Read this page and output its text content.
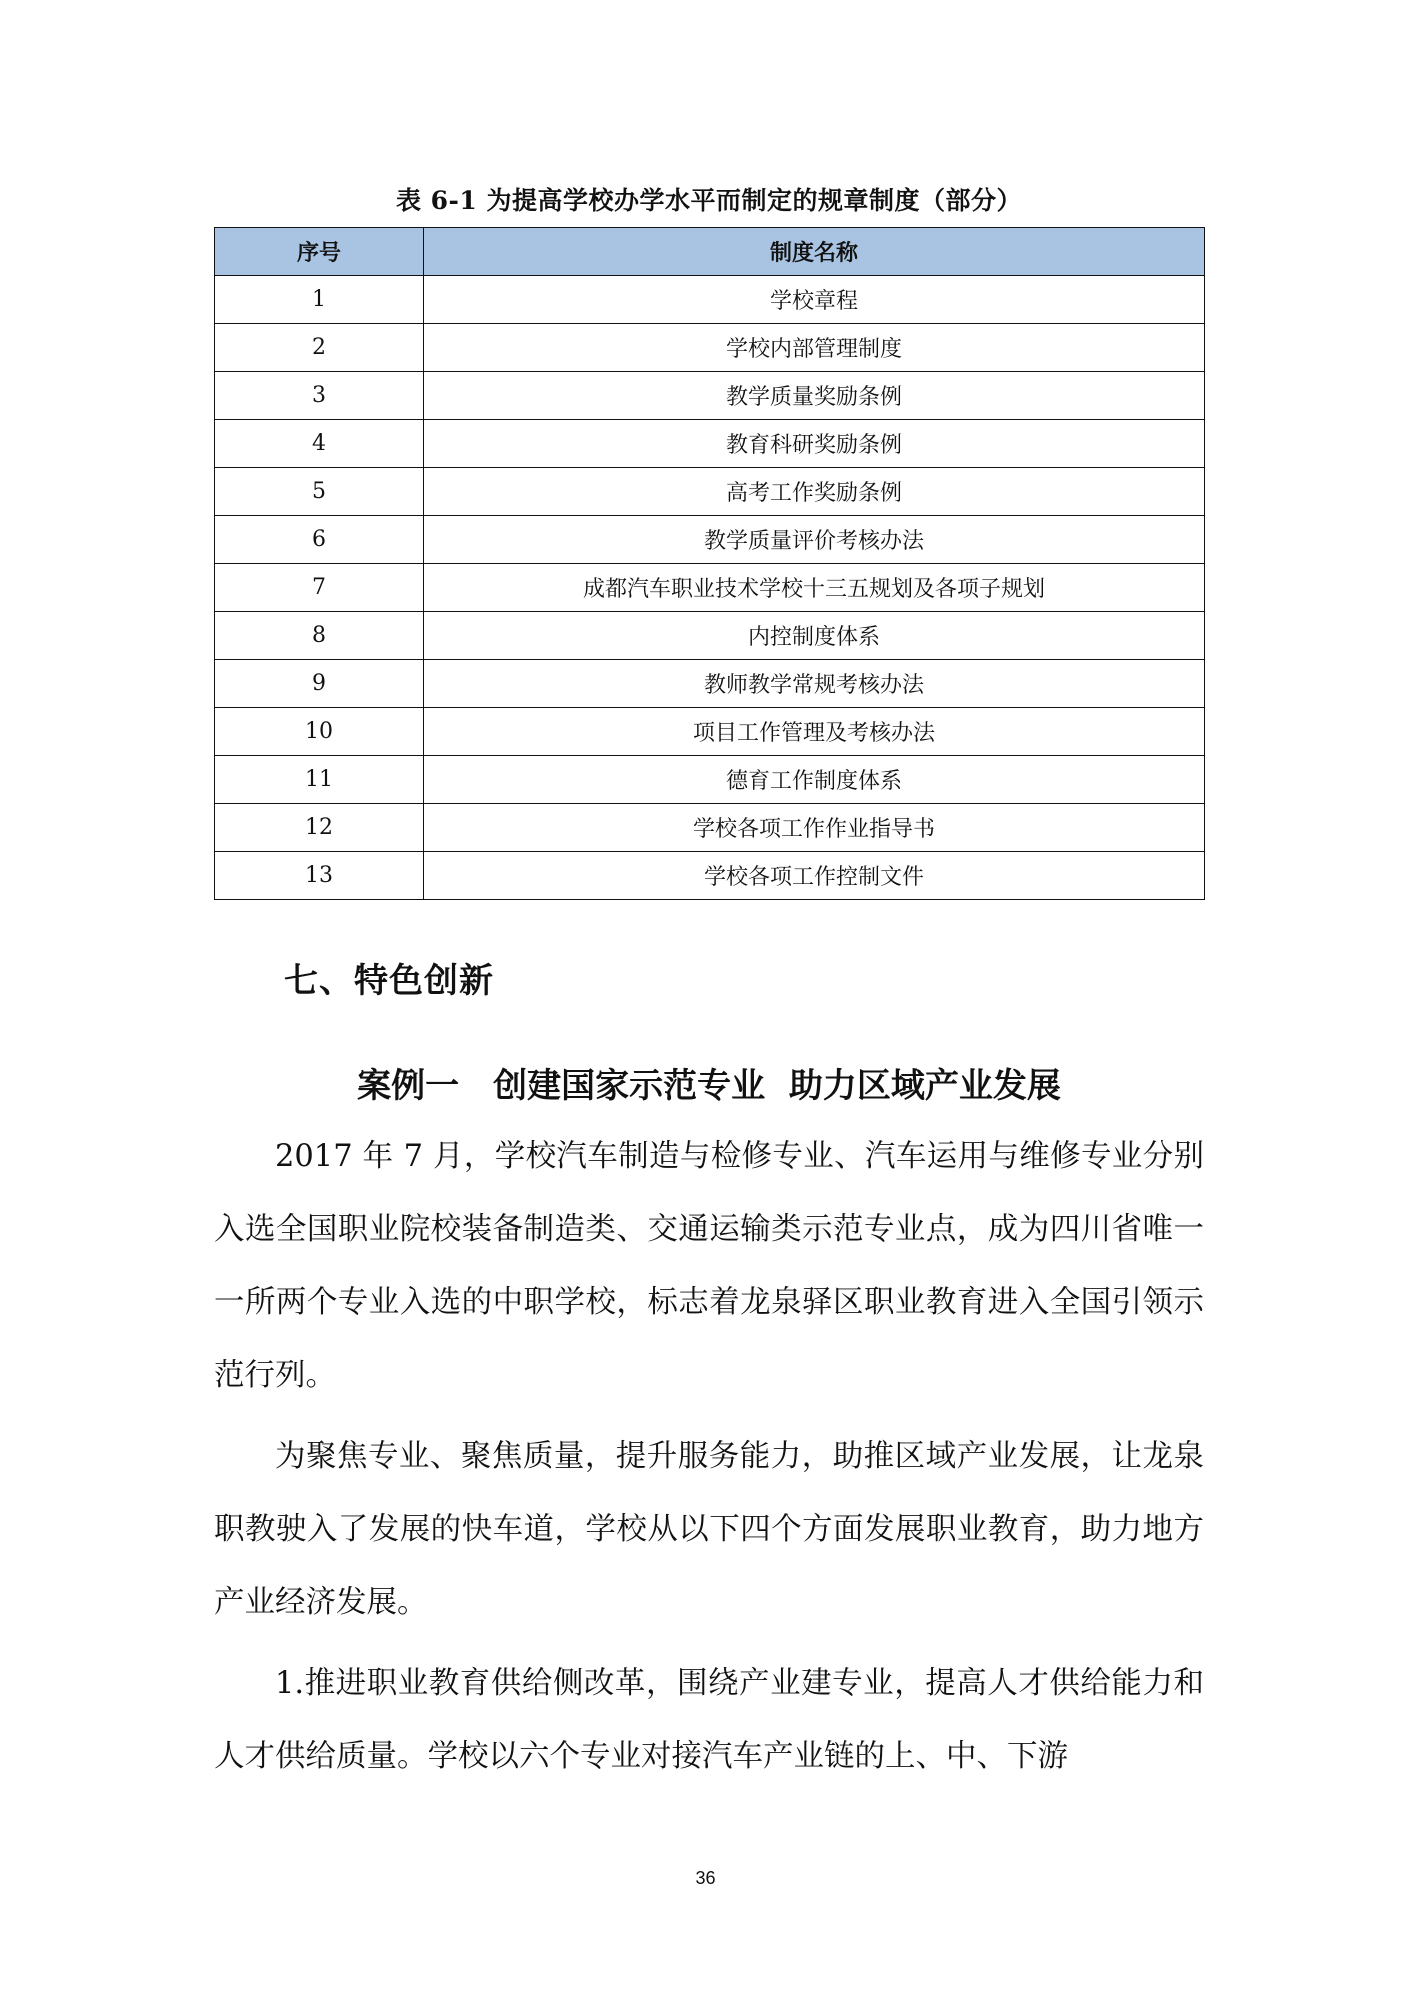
表 6-1 为提高学校办学水平而制定的规章制度（部分）
序号	制度名称
1	学校章程
2	学校内部管理制度
3	教学质量奖励条例
4	教育科研奖励条例
5	高考工作奖励条例
6	教学质量评价考核办法
7	成都汽车职业技术学校十三五规划及各项子规划
8	内控制度体系
9	教师教学常规考核办法
10	项目工作管理及考核办法
11	德育工作制度体系
12	学校各项工作作业指导书
13	学校各项工作控制文件
七、特色创新
案例一　创建国家示范专业  助力区域产业发展

2017 年 7 月，学校汽车制造与检修专业、汽车运用与维修专业分别入选全国职业院校装备制造类、交通运输类示范专业点，成为四川省唯一一所两个专业入选的中职学校，标志着龙泉驿区职业教育进入全国引领示范行列。

为聚焦专业、聚焦质量，提升服务能力，助推区域产业发展，让龙泉职教驶入了发展的快车道，学校从以下四个方面发展职业教育，助力地方产业经济发展。

1.推进职业教育供给侧改革，围绕产业建专业，提高人才供给能力和人才供给质量。学校以六个专业对接汽车产业链的上、中、下游

36
